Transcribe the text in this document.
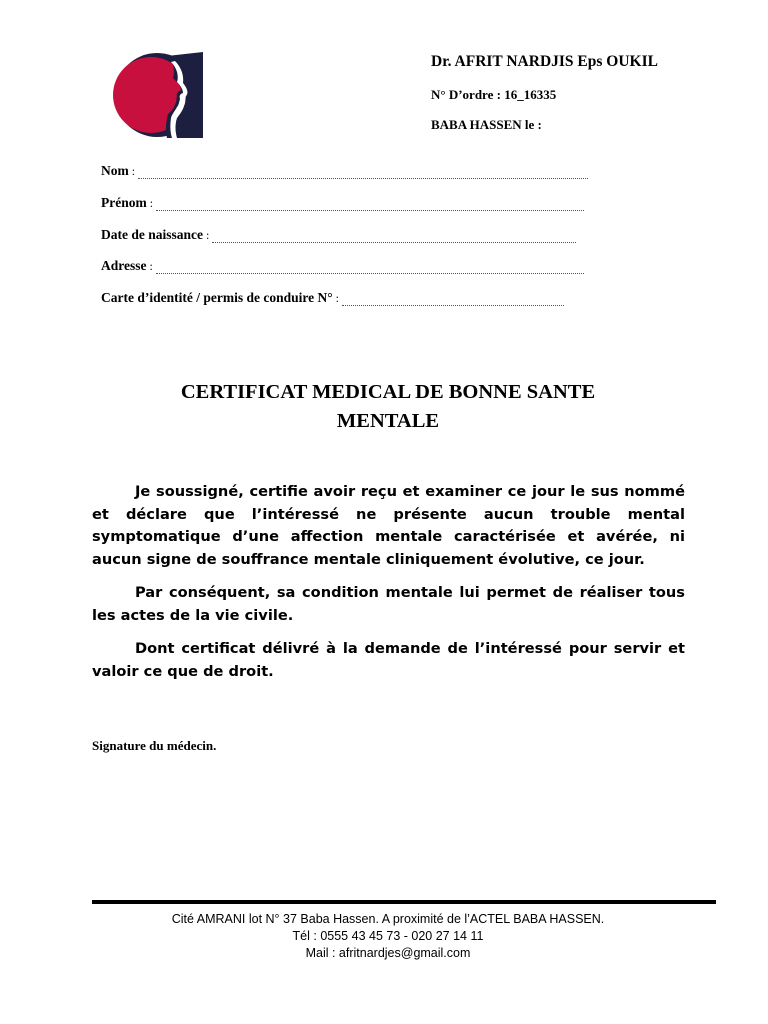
Dr. AFRIT NARDJIS Eps OUKIL
N° D’ordre : 16_16335
BABA HASSEN le :
Nom :
Prénom :
Date de naissance :
Adresse :
Carte d’identité / permis de conduire N° :
CERTIFICAT MEDICAL DE BONNE SANTE
MENTALE

Je soussigné, certifie avoir reçu et examiner ce jour le sus nommé et déclare que l’intéressé ne présente aucun trouble mental symptomatique d’une affection mentale caractérisée et avérée, ni aucun signe de souffrance mentale cliniquement évolutive, ce jour.

Par conséquent, sa condition mentale lui permet de réaliser tous les actes de la vie civile.

Dont certificat délivré à la demande de l’intéressé pour servir et valoir ce que de droit.

Signature du médecin.
Cité AMRANI lot N° 37 Baba Hassen. A proximité de l’ACTEL BABA HASSEN.
Tél : 0555 43 45 73 - 020 27 14 11
Mail : afritnardjes@gmail.com
